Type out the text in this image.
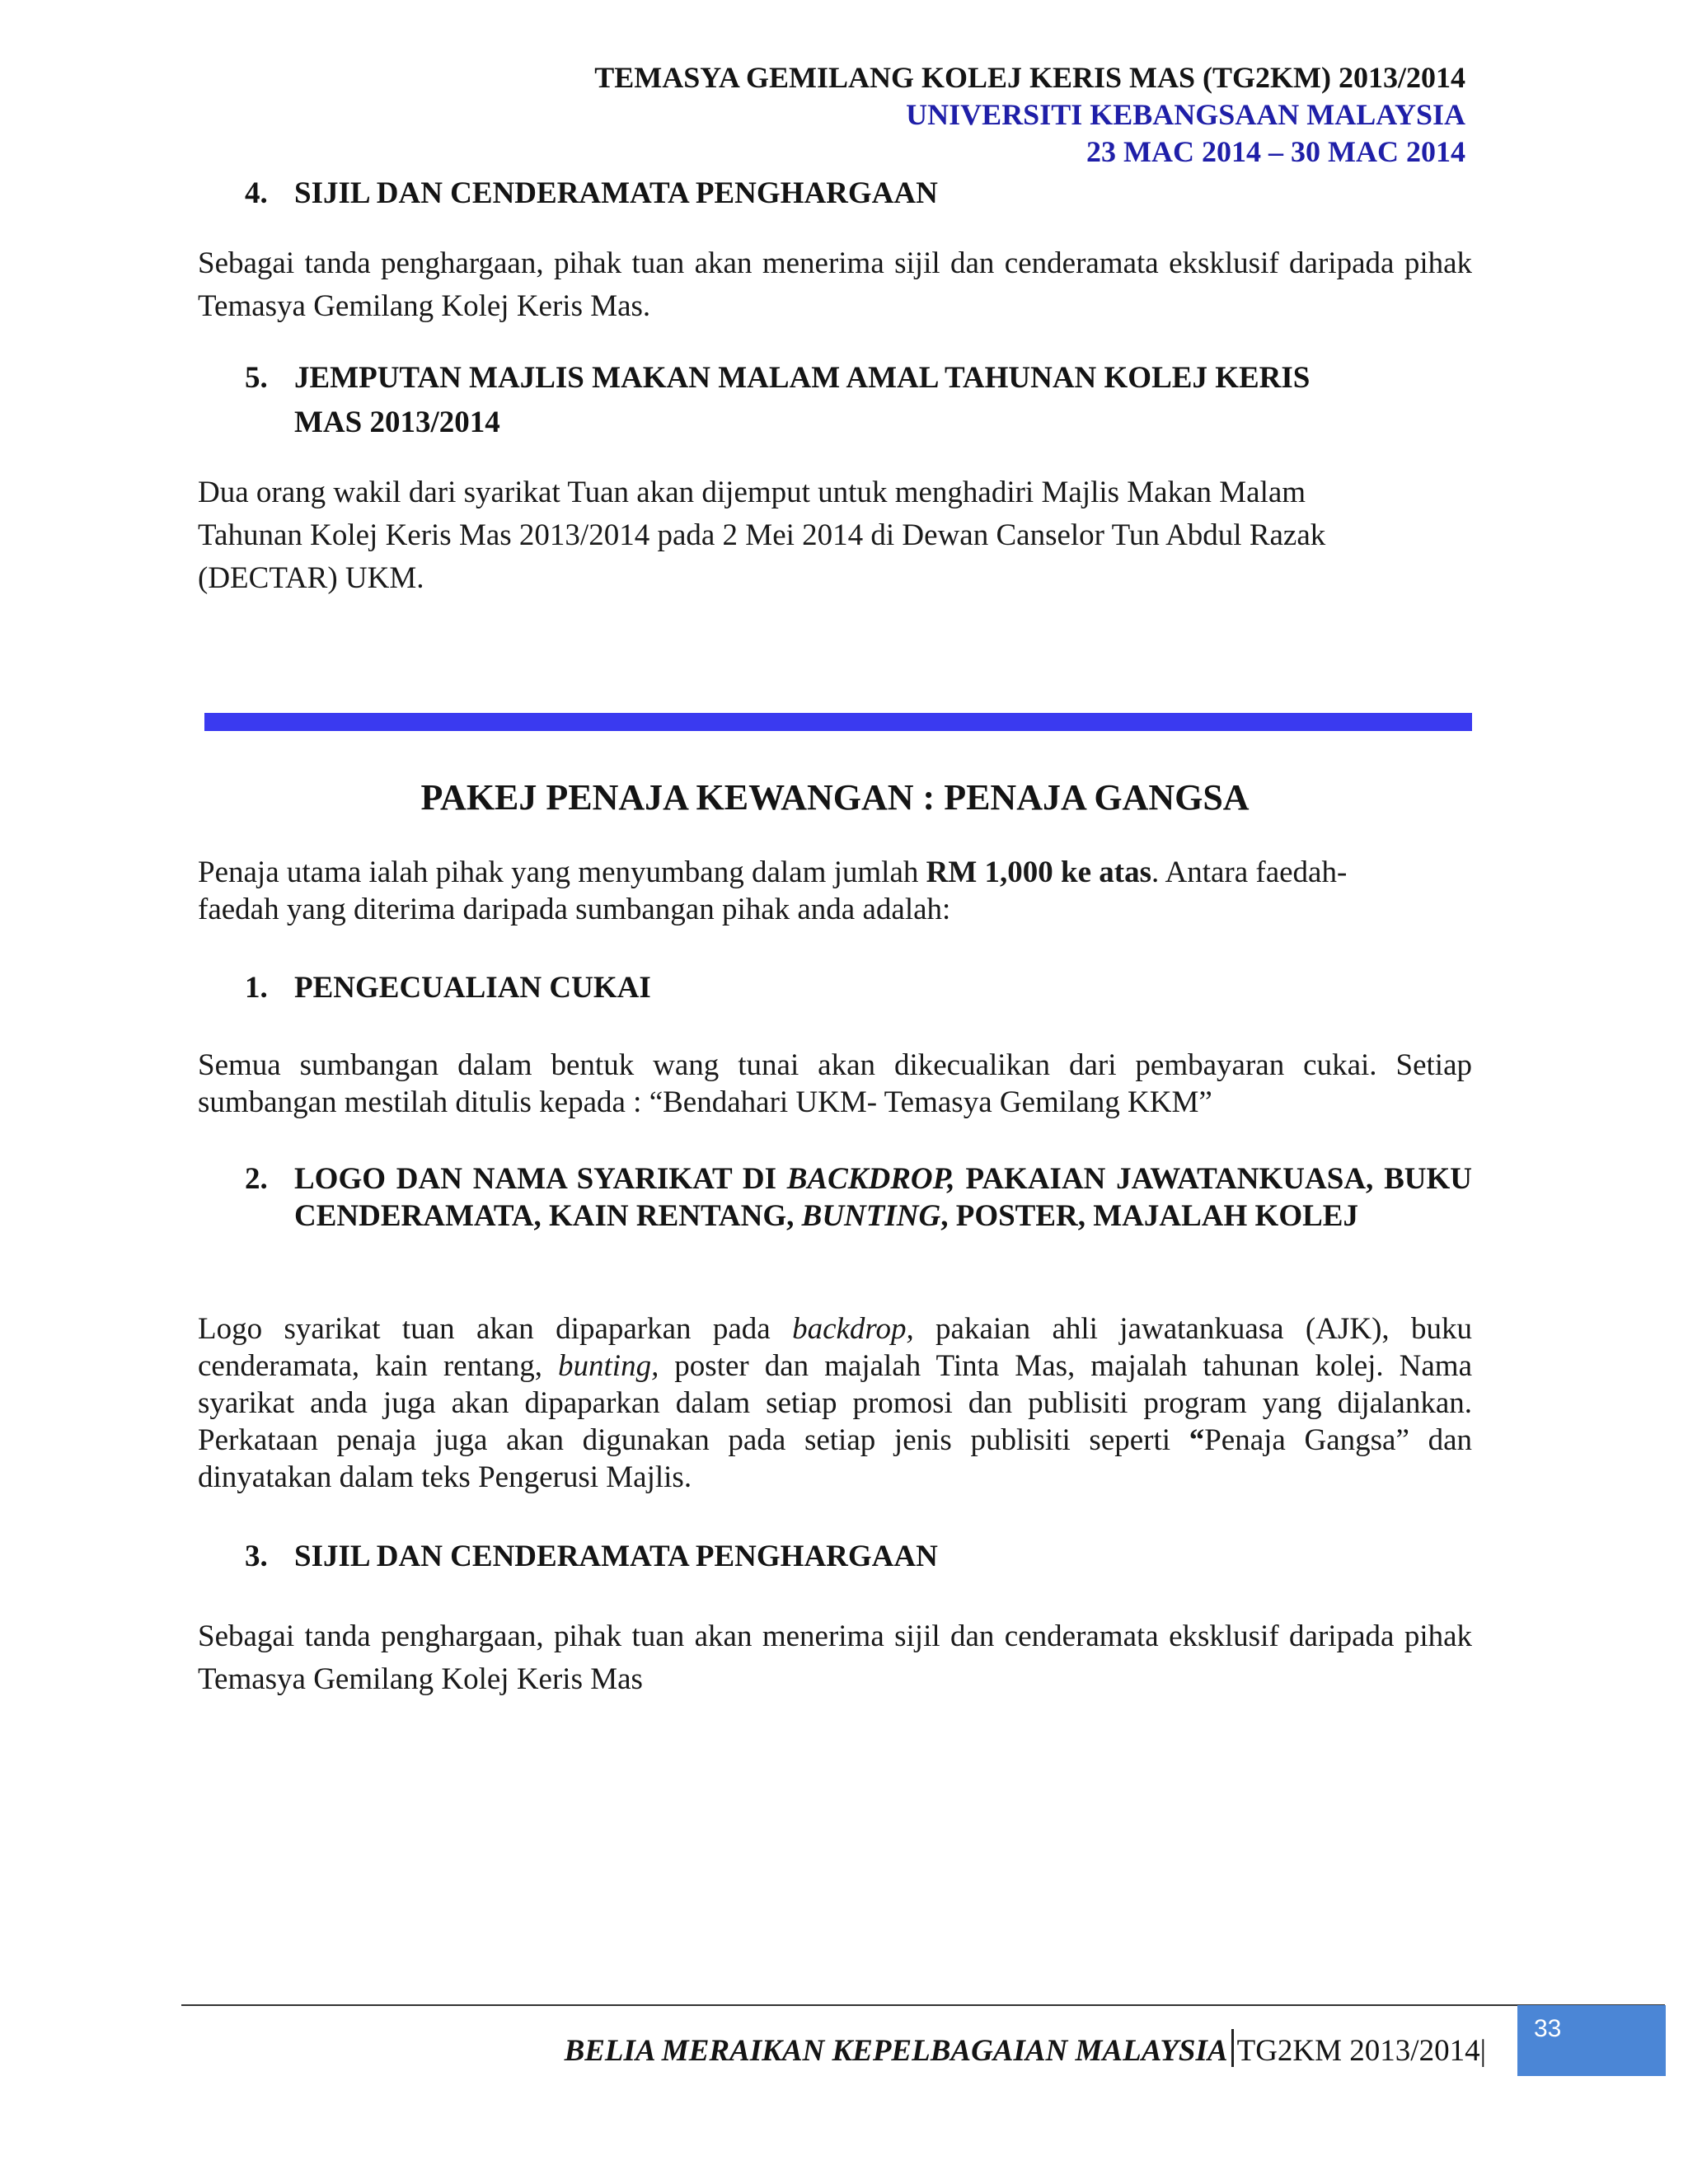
TEMASYA GEMILANG KOLEJ KERIS MAS (TG2KM) 2013/2014
UNIVERSITI KEBANGSAAN MALAYSIA
23 MAC 2014 – 30 MAC 2014
4. SIJIL DAN CENDERAMATA PENGHARGAAN
Sebagai tanda penghargaan, pihak tuan akan menerima sijil dan cenderamata eksklusif daripada pihak Temasya Gemilang Kolej Keris Mas.
5. JEMPUTAN MAJLIS MAKAN MALAM AMAL TAHUNAN KOLEJ KERIS
MAS 2013/2014
Dua orang wakil dari syarikat Tuan akan dijemput untuk menghadiri Majlis Makan Malam
Tahunan Kolej Keris Mas 2013/2014 pada 2 Mei 2014 di Dewan Canselor Tun Abdul Razak
(DECTAR) UKM.
PAKEJ PENAJA KEWANGAN : PENAJA GANGSA
Penaja utama ialah pihak yang menyumbang dalam jumlah RM 1,000 ke atas. Antara faedah-
faedah yang diterima daripada sumbangan pihak anda adalah:
1. PENGECUALIAN CUKAI
Semua sumbangan dalam bentuk wang tunai akan dikecualikan dari pembayaran cukai. Setiap sumbangan mestilah ditulis kepada : “Bendahari UKM- Temasya Gemilang KKM”
2. LOGO DAN NAMA SYARIKAT DI BACKDROP, PAKAIAN JAWATANKUASA, BUKU CENDERAMATA, KAIN RENTANG, BUNTING, POSTER, MAJALAH KOLEJ
Logo syarikat tuan akan dipaparkan pada backdrop, pakaian ahli jawatankuasa (AJK), buku cenderamata, kain rentang, bunting, poster dan majalah Tinta Mas, majalah tahunan kolej. Nama syarikat anda juga akan dipaparkan dalam setiap promosi dan publisiti program yang dijalankan. Perkataan penaja juga akan digunakan pada setiap jenis publisiti seperti “Penaja Gangsa” dan dinyatakan dalam teks Pengerusi Majlis.
3. SIJIL DAN CENDERAMATA PENGHARGAAN
Sebagai tanda penghargaan, pihak tuan akan menerima sijil dan cenderamata eksklusif daripada pihak Temasya Gemilang Kolej Keris Mas
BELIA MERAIKAN KEPELBAGAIAN MALAYSIA TG2KM 2013/2014|
33
